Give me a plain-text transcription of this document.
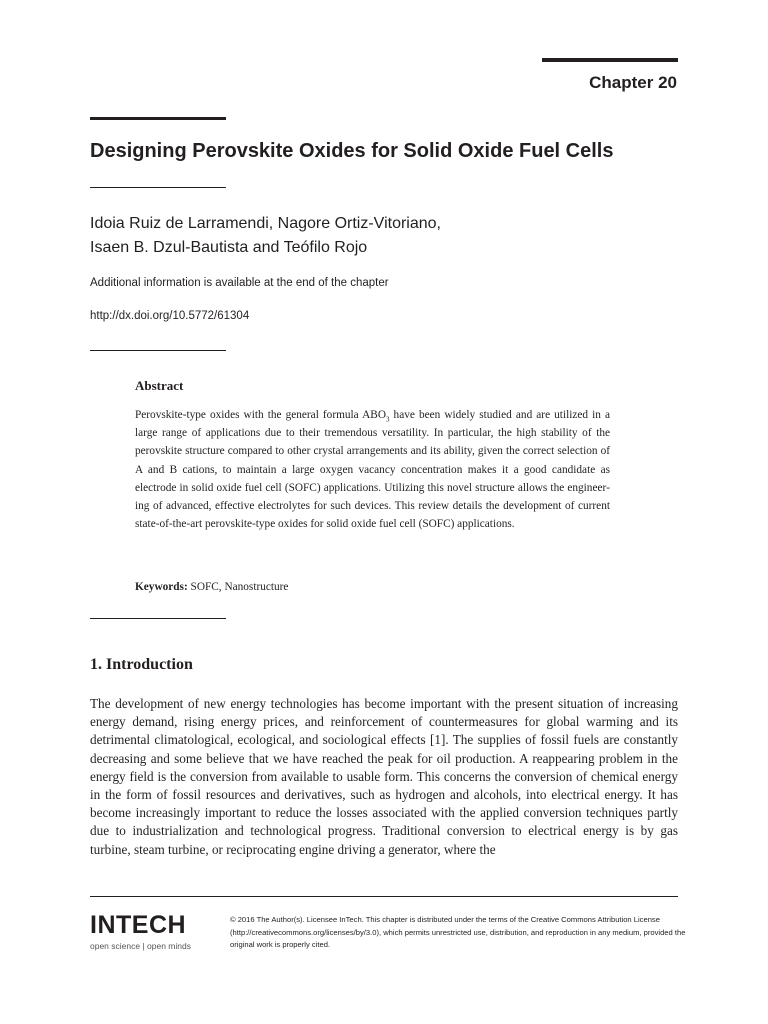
Chapter 20
Designing Perovskite Oxides for Solid Oxide Fuel Cells
Idoia Ruiz de Larramendi, Nagore Ortiz-Vitoriano,
Isaen B. Dzul-Bautista and Teófilo Rojo
Additional information is available at the end of the chapter
http://dx.doi.org/10.5772/61304
Abstract
Perovskite-type oxides with the general formula $ABO_3$ have been widely studied and are utilized in a large range of applications due to their tremendous versatility. In particular, the high stability of the perovskite structure compared to other crystal arrangements and its ability, given the correct selection of A and B cations, to maintain a large oxygen vacancy concentration makes it a good candidate as electrode in solid oxide fuel cell (SOFC) applications. Utilizing this novel structure allows the engineering of advanced, effective electrolytes for such devices. This review details the development of current state-of-the-art perovskite-type oxides for solid oxide fuel cell (SOFC) applications.
Keywords: SOFC, Nanostructure
1. Introduction
The development of new energy technologies has become important with the present situation of increasing energy demand, rising energy prices, and reinforcement of countermeasures for global warming and its detrimental climatological, ecological, and sociological effects [1]. The supplies of fossil fuels are constantly decreasing and some believe that we have reached the peak for oil production. A reappearing problem in the energy field is the conversion from available to usable form. This concerns the conversion of chemical energy in the form of fossil resources and derivatives, such as hydrogen and alcohols, into electrical energy. It has become increasingly important to reduce the losses associated with the applied conversion techniques partly due to industrialization and technological progress. Traditional conversion to electrical energy is by gas turbine, steam turbine, or reciprocating engine driving a generator, where the
INTECH
open science | open minds
© 2016 The Author(s). Licensee InTech. This chapter is distributed under the terms of the Creative Commons Attribution License (http://creativecommons.org/licenses/by/3.0), which permits unrestricted use, distribution, and reproduction in any medium, provided the original work is properly cited.
